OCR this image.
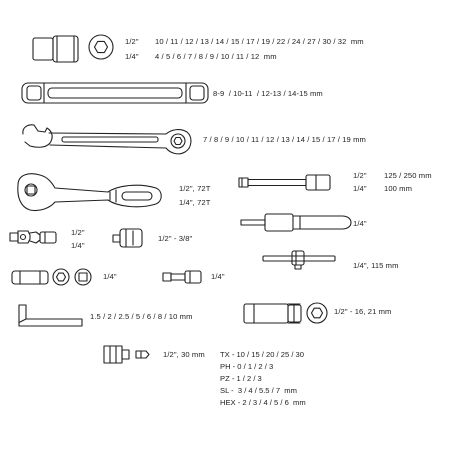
1/2" 10 / 11 / 12 / 13 / 14 / 15 / 17 / 19 / 22 / 24 / 27 / 30 / 32  mm
1/4" 4 / 5 / 6 / 7 / 8 / 9 / 10 / 11 / 12  mm
8-9  / 10-11  / 12-13 / 14-15 mm
7 / 8 / 9 / 10 / 11 / 12 / 13 / 14 / 15 / 17 / 19 mm
1/2", 72T
1/4", 72T
1/2" 125 / 250 mm
1/4" 100 mm
1/2"
1/4"
1/2" - 3/8"
1/4"
1/4"	1/4"
1/4", 115 mm
1.5 / 2 / 2.5 / 5 / 6 / 8 / 10 mm
1/2" - 16, 21 mm
1/2", 30 mm TX - 10 / 15 / 20 / 25 / 30
PH - 0 / 1 / 2 / 3
PZ - 1 / 2 / 3
SL -  3 / 4 / 5.5 / 7  mm
HEX - 2 / 3 / 4 / 5 / 6  mm
